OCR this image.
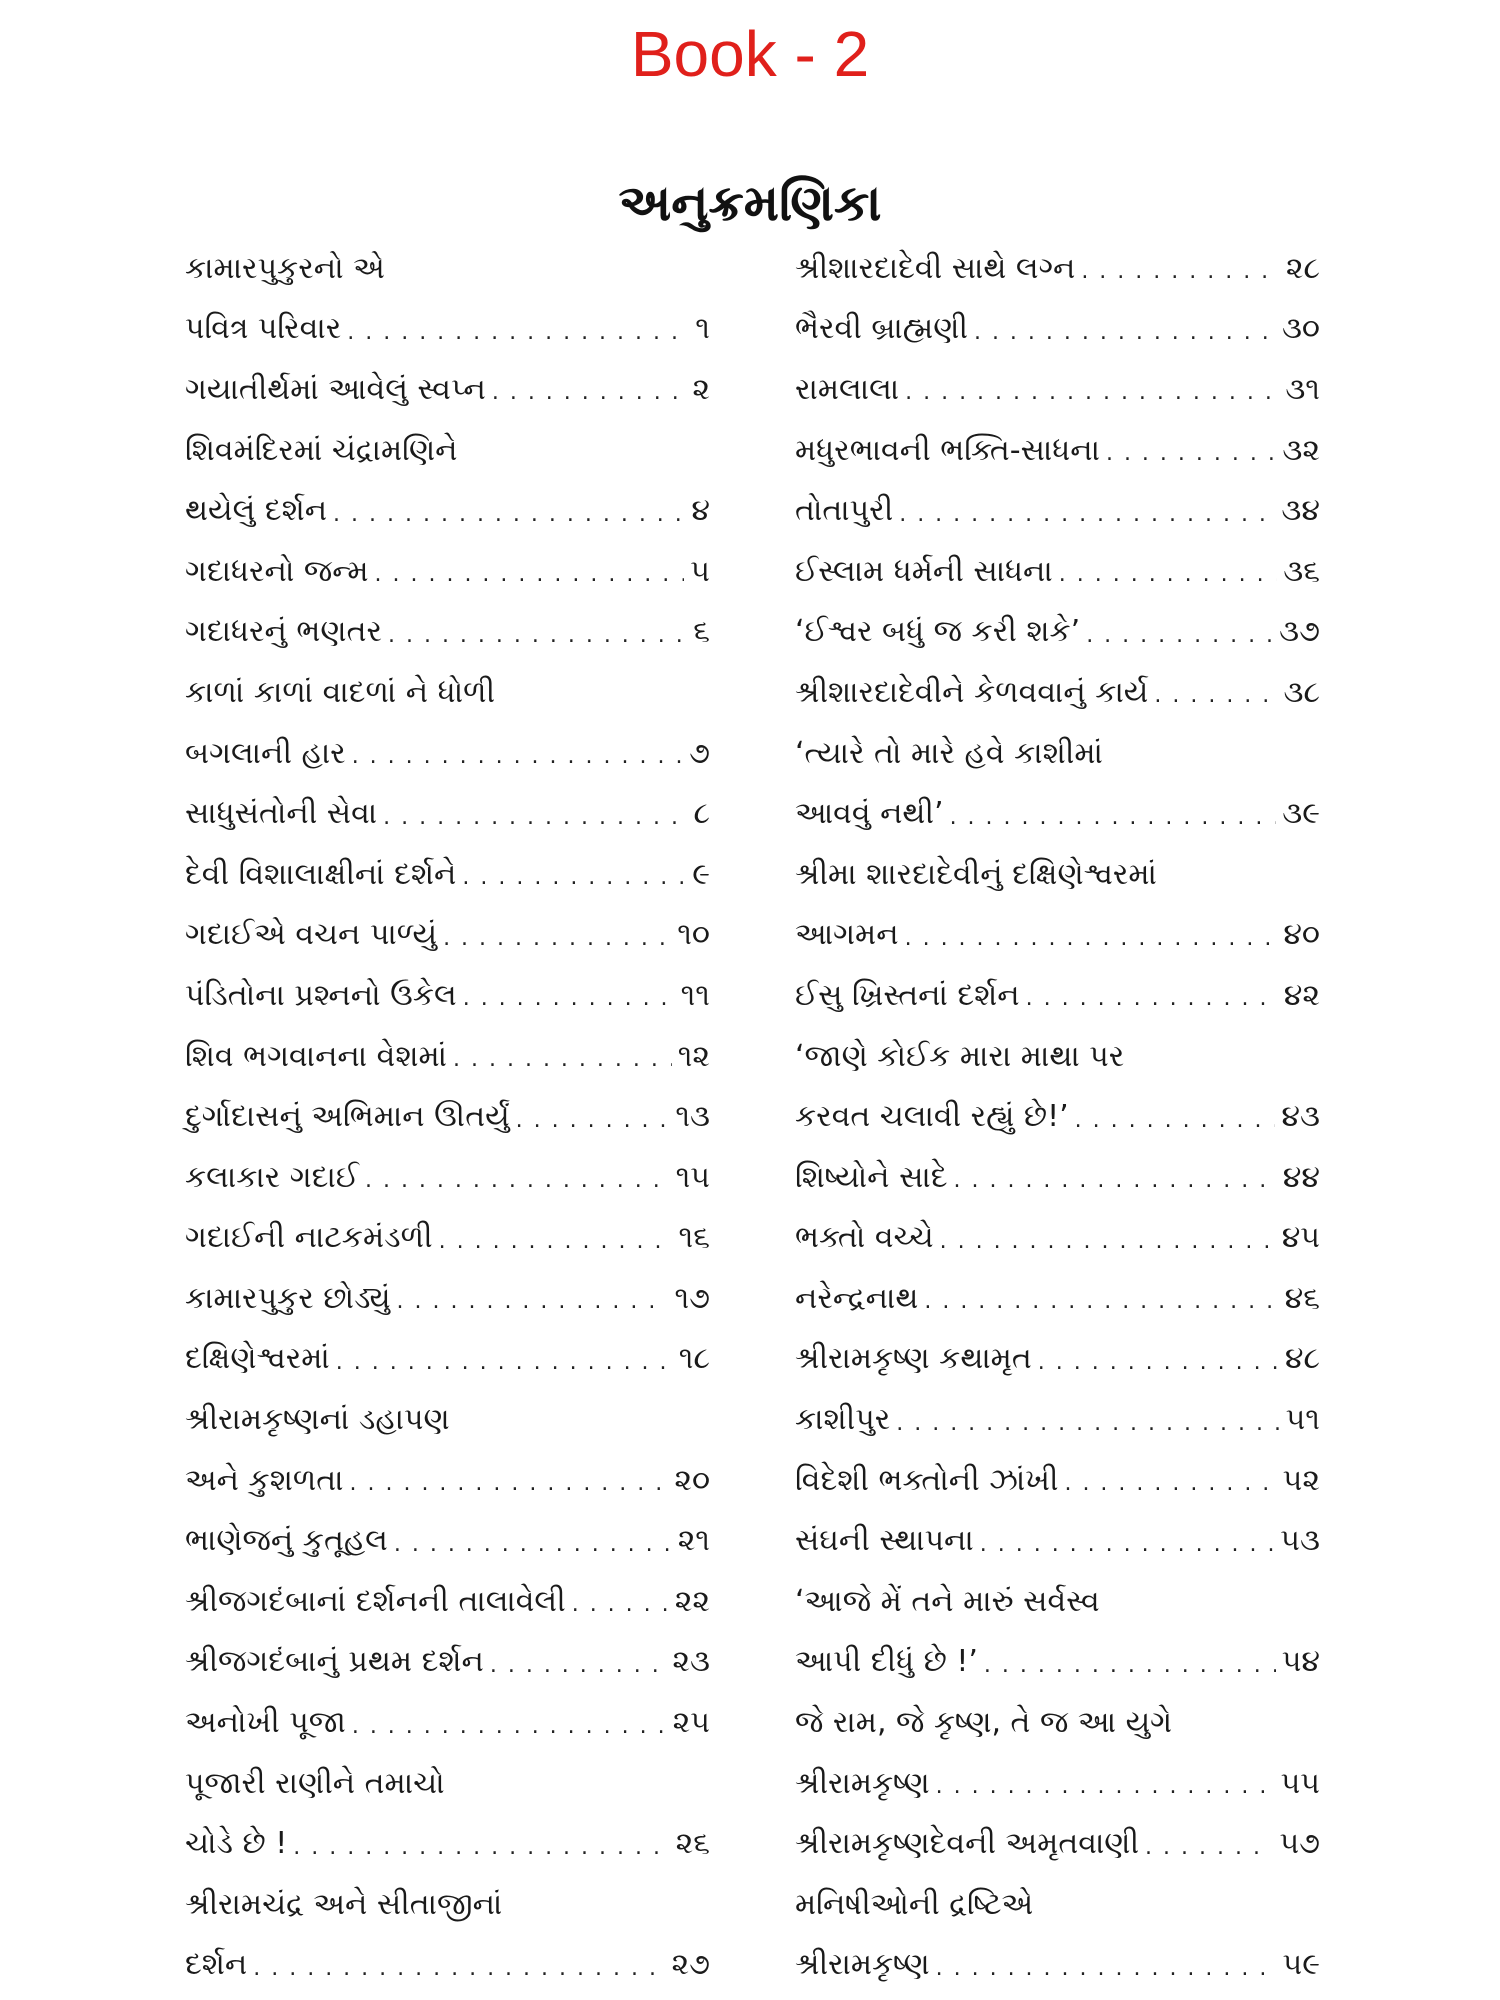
Book - 2
અનુક્રમણિકા
કામારપુકુરનો એ
પવિત્ર પરિવાર . . .	૧
ગયાતીર્થમાં આવેલું સ્વપ્ન . . .	૨
શિવમંદિરમાં ચંદ્રામણિને
થયેલું દર્શન . . .	૪
ગદાધરનો જન્મ . . .	૫
ગદાધરનું ભણતર . . .	૬
કાળાં કાળાં વાદળાં ને ધોળી
બગલાની હાર . . .	૭
સાધુસંતોની સેવા . . .	૮
દેવી વિશાલાક્ષીનાં દર્શને . . .	૯
ગદાઈએ વચન પાળ્યું . . .	૧૦
પંડિતોના પ્રશ્નનો ઉકેલ . . .	૧૧
શિવ ભગવાનના વેશમાં . . .	૧૨
દુર્ગાદાસનું અભિમાન ઊતર્યું . . .	૧૩
કલાકાર ગદાઈ . . .	૧૫
ગદાઈની નાટકમંડળી . . .	૧૬
કામારપુકુર છોડ્યું . . .	૧૭
દક્ષિણેશ્વરમાં . . .	૧૮
શ્રીરામકૃષ્ણનાં ડહાપણ
અને કુશળતા . . .	૨૦
ભાણેજનું કુતૂહલ . . .	૨૧
શ્રીજગદંબાનાં દર્શનની તાલાવેલી . . .	૨૨
શ્રીજગદંબાનું પ્રથમ દર્શન . . .	૨૩
અનોખી પૂજા . . .	૨૫
પૂજારી રાણીને તમાચો
ચોડે છે ! . . .	૨૬
શ્રીરામચંદ્ર અને સીતાજીનાં
દર્શન . . .	૨૭
શ્રીશારદાદેવી સાથે લગ્ન . . .	૨૮
ભૈરવી બ્રાહ્મણી . . .	૩૦
રામલાલા . . .	૩૧
મધુરભાવની ભક્તિ-સાધના . . .	૩૨
તોતાપુરી . . .	૩૪
ઈસ્લામ ધર્મની સાધના . . .	૩૬
‘ઈશ્વર બધું જ કરી શકે’ . . .	૩૭
શ્રીશારદાદેવીને કેળવવાનું કાર્ય . . .	૩૮
‘ત્યારે તો મારે હવે કાશીમાં
આવવું નથી’ . . .	૩૯
શ્રીમા શારદાદેવીનું દક્ષિણેશ્વરમાં
આગમન . . .	૪૦
ઈસુ ખ્રિસ્તનાં દર્શન . . .	૪૨
‘જાણે કોઈક મારા માથા પર
કરવત ચલાવી રહ્યું છે!’ . . .	૪૩
શિષ્યોને સાદે . . .	૪૪
ભક્તો વચ્ચે . . .	૪૫
નરેન્દ્રનાથ . . .	૪૬
શ્રીરામકૃષ્ણ કથામૃત . . .	૪૮
કાશીપુર . . .	૫૧
વિદેશી ભક્તોની ઝાંખી . . .	૫૨
સંઘની સ્થાપના . . .	૫૩
‘આજે મેં તને મારું સર્વસ્વ
આપી દીધું છે !’ . . .	૫૪
જે રામ, જે કૃષ્ણ, તે જ આ યુગે
શ્રીરામકૃષ્ણ . . .	૫૫
શ્રીરામકૃષ્ણદેવની અમૃતવાણી . . .	૫૭
મનિષીઓની દ્રષ્ટિએ
શ્રીરામકૃષ્ણ . . .	૫૯
